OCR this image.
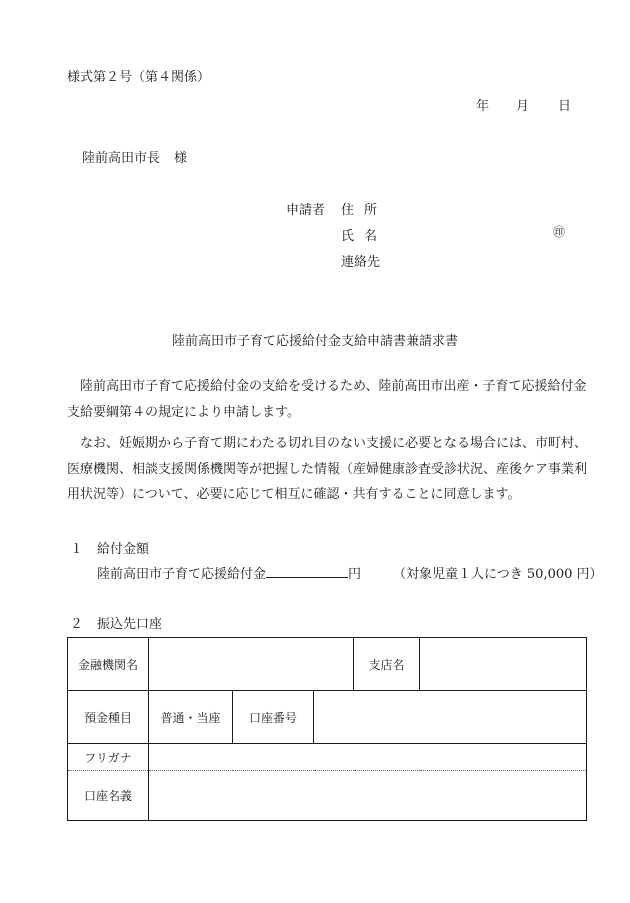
様式第２号（第４関係）
年 月 日
陸前高田市長 様
申請者 住所
氏名
連絡先
㊞
陸前高田市子育て応援給付金支給申請書兼請求書
陸前高田市子育て応援給付金の支給を受けるため、陸前高田市出産・子育て応援給付金支給要綱第４の規定により申請します。
なお、妊娠期から子育て期にわたる切れ目のない支援に必要となる場合には、市町村、医療機関、相談支援関係機関等が把握した情報（産婦健康診査受診状況、産後ケア事業利用状況等）について、必要に応じて相互に確認・共有することに同意します。
１ 給付金額
陸前高田市子育て応援給付金	円 （対象児童１人につき 50,000 円）
２ 振込先口座
金融機関名				支店名	
預金種目	普通・当座	口座番号			
フリガナ					
口座名義					
